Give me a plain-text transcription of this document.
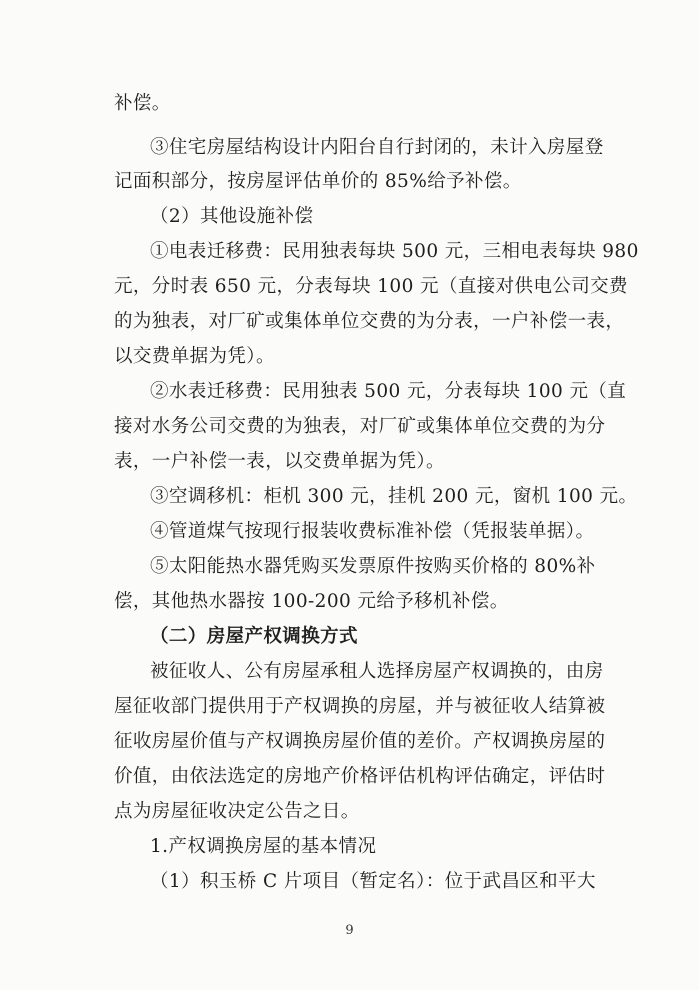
补偿。
③住宅房屋结构设计内阳台自行封闭的，未计入房屋登
记面积部分，按房屋评估单价的 85%给予补偿。
（2）其他设施补偿
①电表迁移费：民用独表每块 500 元，三相电表每块 980
元，分时表 650 元，分表每块 100 元（直接对供电公司交费
的为独表，对厂矿或集体单位交费的为分表，一户补偿一表，
以交费单据为凭）。
②水表迁移费：民用独表 500 元，分表每块 100 元（直
接对水务公司交费的为独表，对厂矿或集体单位交费的为分
表，一户补偿一表，以交费单据为凭）。
③空调移机：柜机 300 元，挂机 200 元，窗机 100 元。
④管道煤气按现行报装收费标准补偿（凭报装单据）。
⑤太阳能热水器凭购买发票原件按购买价格的 80%补
偿，其他热水器按 100-200 元给予移机补偿。
（二）房屋产权调换方式
被征收人、公有房屋承租人选择房屋产权调换的，由房
屋征收部门提供用于产权调换的房屋，并与被征收人结算被
征收房屋价值与产权调换房屋价值的差价。产权调换房屋的
价值，由依法选定的房地产价格评估机构评估确定，评估时
点为房屋征收决定公告之日。
1.产权调换房屋的基本情况
（1）积玉桥 C 片项目（暂定名）：位于武昌区和平大
9
